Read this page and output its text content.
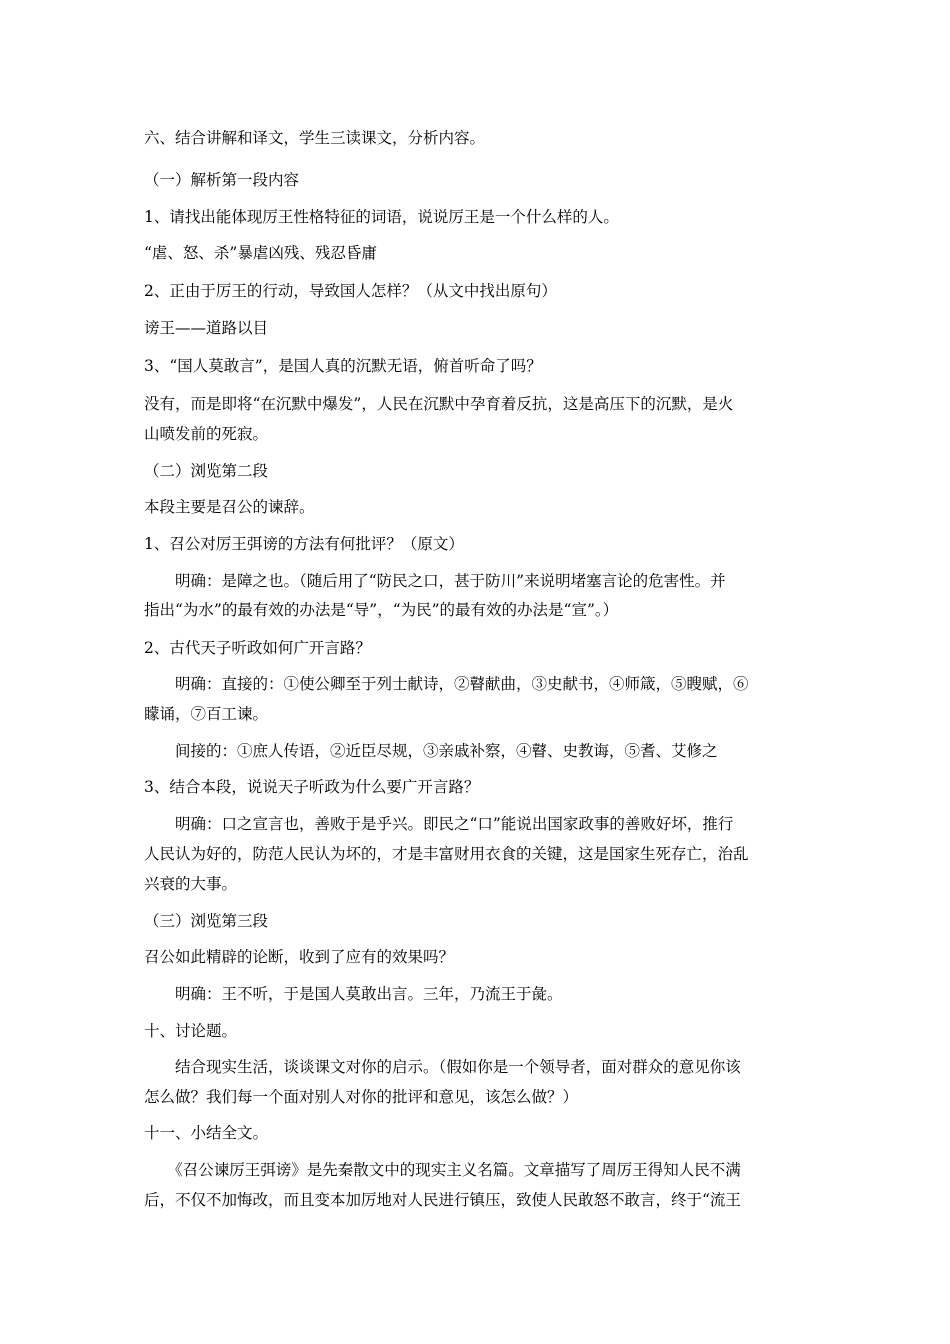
六、结合讲解和译文，学生三读课文，分析内容。
（一）解析第一段内容
1、请找出能体现厉王性格特征的词语，说说厉王是一个什么样的人。
“虐、怒、杀”暴虐凶残、残忍昏庸
2、正由于厉王的行动，导致国人怎样？（从文中找出原句）
谤王——道路以目
3、“国人莫敢言”，是国人真的沉默无语，俯首听命了吗？
没有，而是即将“在沉默中爆发”，人民在沉默中孕育着反抗，这是高压下的沉默，是火
山喷发前的死寂。
（二）浏览第二段
本段主要是召公的谏辞。
1、召公对厉王弭谤的方法有何批评？（原文）
　　明确：是障之也。（随后用了“防民之口，甚于防川”来说明堵塞言论的危害性。并
指出“为水”的最有效的办法是“导”，“为民”的最有效的办法是“宣”。）
2、古代天子听政如何广开言路？
　　明确：直接的：①使公卿至于列士献诗，②瞽献曲，③史献书，④师箴，⑤瞍赋，⑥
矇诵，⑦百工谏。
　　间接的：①庶人传语，②近臣尽规，③亲戚补察，④瞽、史教诲，⑤耆、艾修之
3、结合本段，说说天子听政为什么要广开言路？
　　明确：口之宣言也，善败于是乎兴。即民之“口”能说出国家政事的善败好坏，推行
人民认为好的，防范人民认为坏的，才是丰富财用衣食的关键，这是国家生死存亡，治乱
兴衰的大事。
（三）浏览第三段
召公如此精辟的论断，收到了应有的效果吗？
　　明确：王不听，于是国人莫敢出言。三年，乃流王于彘。
十、讨论题。
　　结合现实生活，谈谈课文对你的启示。（假如你是一个领导者，面对群众的意见你该
怎么做？我们每一个面对别人对你的批评和意见，该怎么做？）
十一、小结全文。
　　《召公谏厉王弭谤》是先秦散文中的现实主义名篇。文章描写了周厉王得知人民不满
后，不仅不加悔改，而且变本加厉地对人民进行镇压，致使人民敢怒不敢言，终于“流王
